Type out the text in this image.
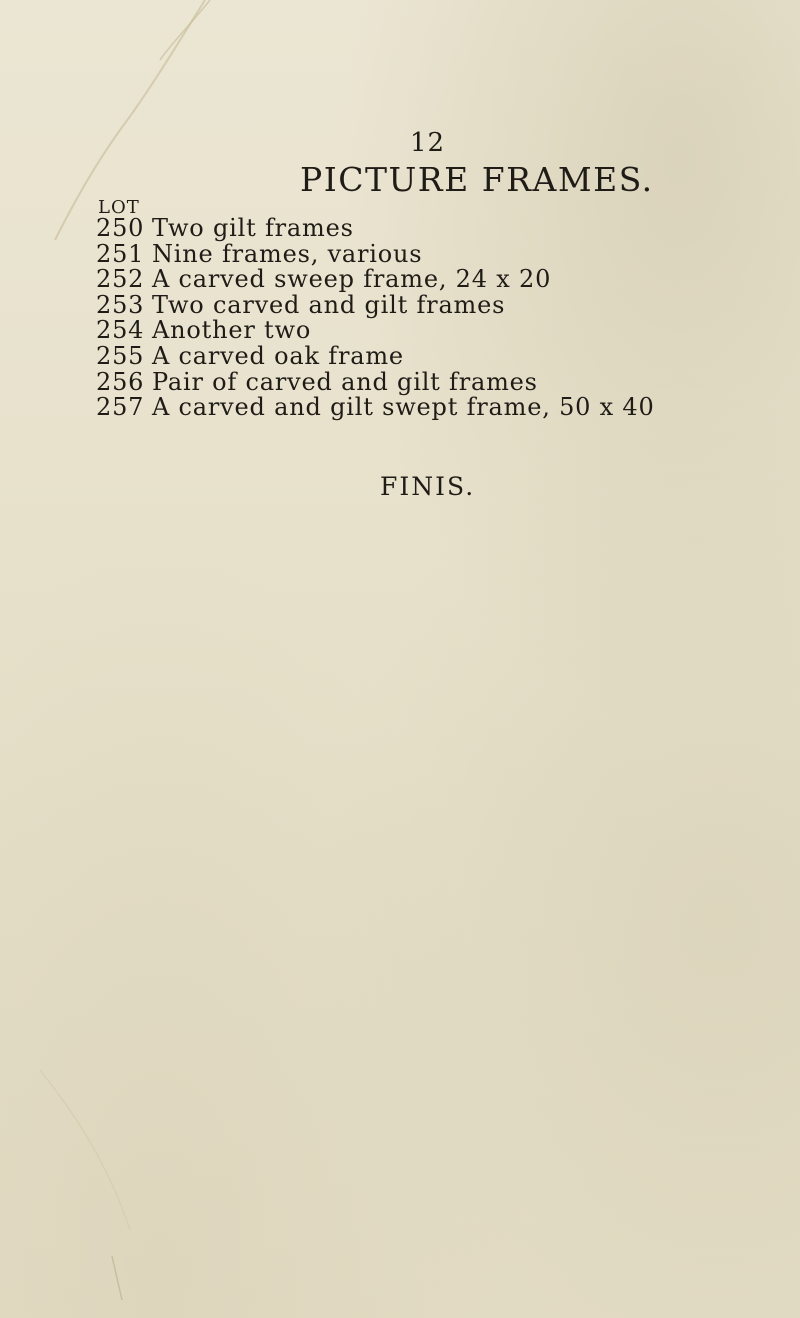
12
PICTURE FRAMES.
LOT
250 Two gilt frames
251 Nine frames, various
252 A carved sweep frame, 24 x 20
253 Two carved and gilt frames
254 Another two
255 A carved oak frame
256 Pair of carved and gilt frames
257 A carved and gilt swept frame, 50 x 40
FINIS.
